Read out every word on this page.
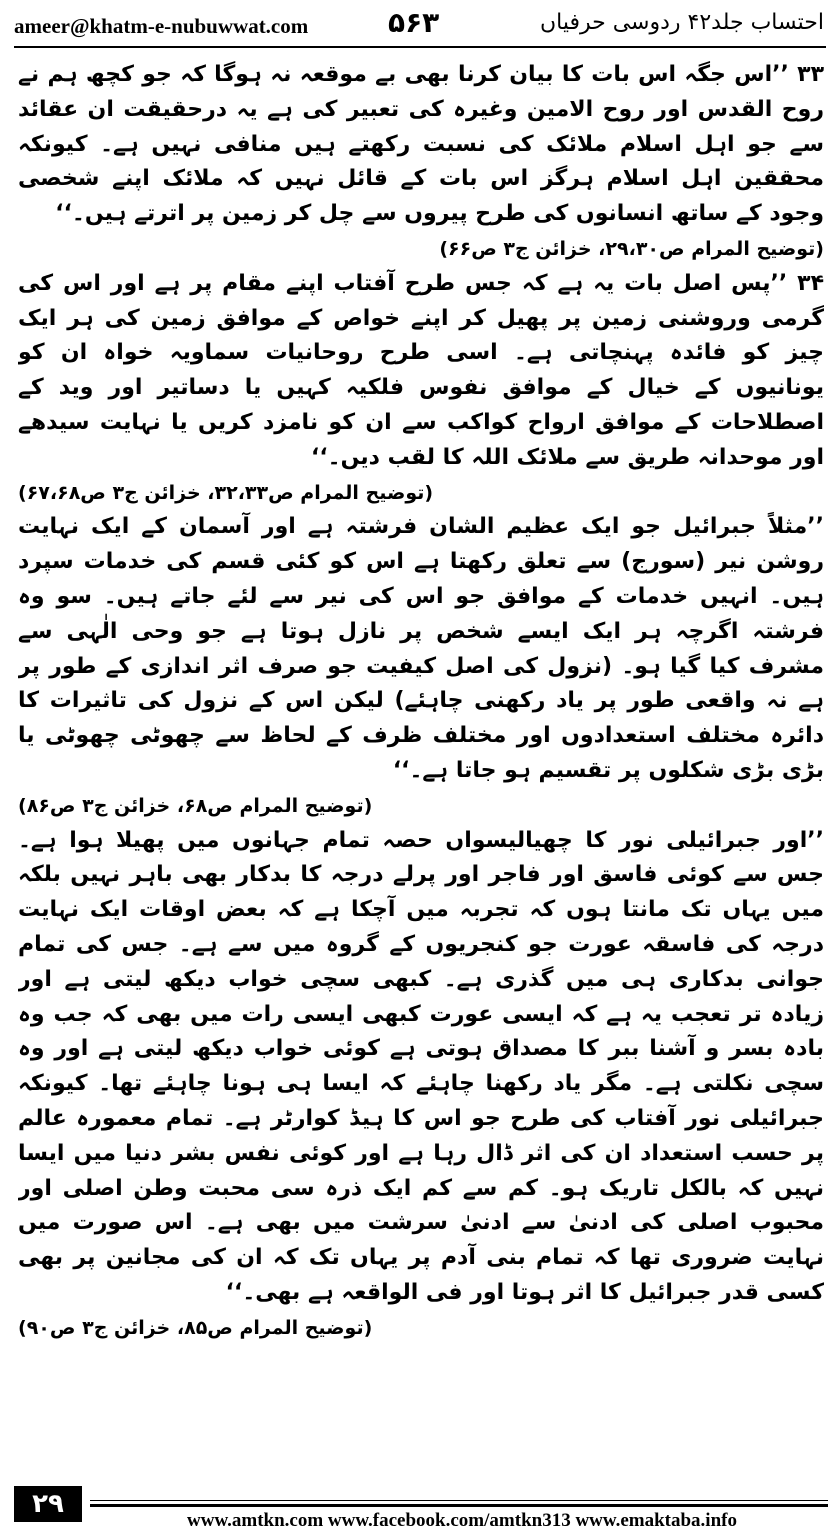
ameer@khatm-e-nubuwwat.com	۵۶۳	احتساب جلد۴۲ ردوسی حرفیاں

۳۳ ’’اس جگہ اس بات کا بیان کرنا بھی بے موقعہ نہ ہوگا کہ جو کچھ ہم نے روح القدس اور روح الامین وغیرہ کی تعبیر کی ہے یہ درحقیقت ان عقائد سے جو اہل اسلام ملائک کی نسبت رکھتے ہیں منافی نہیں ہے۔ کیونکہ محققین اہل اسلام ہرگز اس بات کے قائل نہیں کہ ملائک اپنے شخصی وجود کے ساتھ انسانوں کی طرح پیروں سے چل کر زمین پر اترتے ہیں۔‘‘
(توضیح المرام ص۲۹،۳۰، خزائن ج۳ ص۶۶)

۳۴ ’’پس اصل بات یہ ہے کہ جس طرح آفتاب اپنے مقام پر ہے اور اس کی گرمی وروشنی زمین پر پھیل کر اپنے خواص کے موافق زمین کی ہر ایک چیز کو فائدہ پہنچاتی ہے۔ اسی طرح روحانیات سماویہ خواہ ان کو یونانیوں کے خیال کے موافق نفوس فلکیہ کہیں یا دساتیر اور وید کے اصطلاحات کے موافق ارواح کواکب سے ان کو نامزد کریں یا نہایت سیدھے اور موحدانہ طریق سے ملائک اللہ کا لقب دیں۔‘‘
(توضیح المرام ص۳۲،۳۳، خزائن ج۳ ص۶۷،۶۸)

’’مثلاً جبرائیل جو ایک عظیم الشان فرشتہ ہے اور آسمان کے ایک نہایت روشن نیر (سورج) سے تعلق رکھتا ہے اس کو کئی قسم کی خدمات سپرد ہیں۔ انہیں خدمات کے موافق جو اس کی نیر سے لئے جاتے ہیں۔ سو وہ فرشتہ اگرچہ ہر ایک ایسے شخص پر نازل ہوتا ہے جو وحی الٰہی سے مشرف کیا گیا ہو۔ (نزول کی اصل کیفیت جو صرف اثر اندازی کے طور پر ہے نہ واقعی طور پر یاد رکھنی چاہئے) لیکن اس کے نزول کی تاثیرات کا دائرہ مختلف استعدادوں اور مختلف ظرف کے لحاظ سے چھوٹی چھوٹی یا بڑی بڑی شکلوں پر تقسیم ہو جاتا ہے۔‘‘
(توضیح المرام ص۶۸، خزائن ج۳ ص۸۶)

’’اور جبرائیلی نور کا چھیالیسواں حصہ تمام جہانوں میں پھیلا ہوا ہے۔ جس سے کوئی فاسق اور فاجر اور پرلے درجہ کا بدکار بھی باہر نہیں بلکہ میں یہاں تک مانتا ہوں کہ تجربہ میں آچکا ہے کہ بعض اوقات ایک نہایت درجہ کی فاسقہ عورت جو کنجریوں کے گروہ میں سے ہے۔ جس کی تمام جوانی بدکاری ہی میں گذری ہے۔ کبھی سچی خواب دیکھ لیتی ہے اور زیادہ تر تعجب یہ ہے کہ ایسی عورت کبھی ایسی رات میں بھی کہ جب وہ بادہ بسر و آشنا ببر کا مصداق ہوتی ہے کوئی خواب دیکھ لیتی ہے اور وہ سچی نکلتی ہے۔ مگر یاد رکھنا چاہئے کہ ایسا ہی ہونا چاہئے تھا۔ کیونکہ جبرائیلی نور آفتاب کی طرح جو اس کا ہیڈ کوارٹر ہے۔ تمام معمورہ عالم پر حسب استعداد ان کی اثر ڈال رہا ہے اور کوئی نفس بشر دنیا میں ایسا نہیں کہ بالکل تاریک ہو۔ کم سے کم ایک ذرہ سی محبت وطن اصلی اور محبوب اصلی کی ادنیٰ سے ادنیٰ سرشت میں بھی ہے۔ اس صورت میں نہایت ضروری تھا کہ تمام بنی آدم پر یہاں تک کہ ان کی مجانین پر بھی کسی قدر جبرائیل کا اثر ہوتا اور فی الواقعہ ہے بھی۔‘‘
(توضیح المرام ص۸۵، خزائن ج۳ ص۹۰)

۲۹
www.amtkn.com www.facebook.com/amtkn313 www.emaktaba.info
